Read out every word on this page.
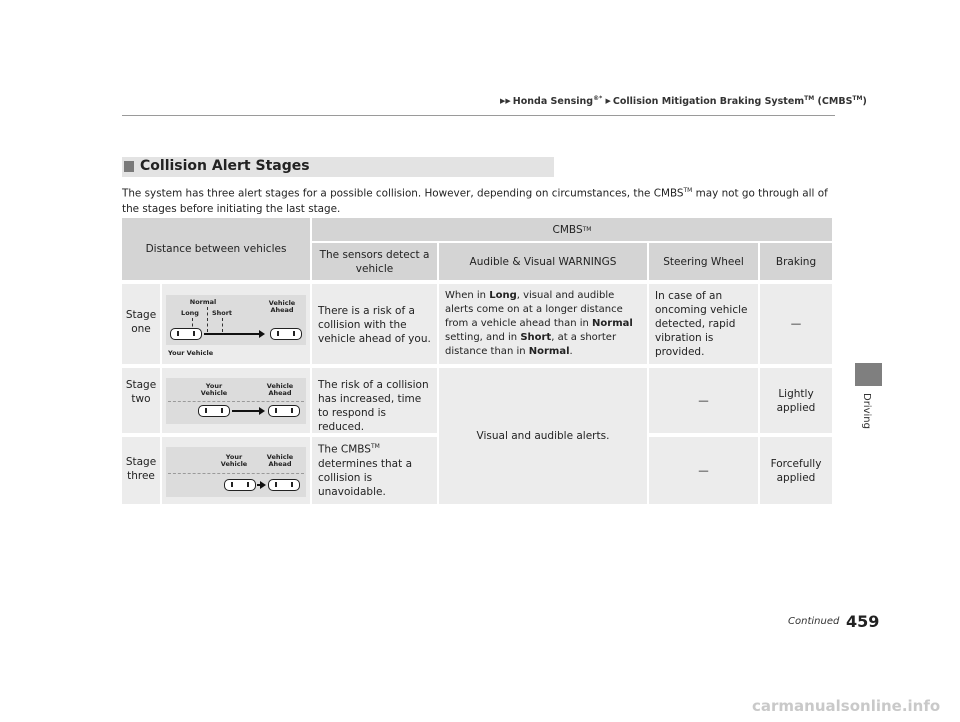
▶▶ Honda Sensing®* ▶ Collision Mitigation Braking System™ (CMBS™)
Driving
Collision Alert Stages
The system has three alert stages for a possible collision. However, depending on circumstances, the CMBS™ may not go through all of the stages before initiating the last stage.
Distance between vehicles
CMBS TM
The sensors detect a vehicle
Audible & Visual WARNINGS	Steering Wheel	Braking
Stage one
Normal
Long Short
Vehicle Ahead
Your Vehicle
There is a risk of a collision with the vehicle ahead of you.
When in Long, visual and audible alerts come on at a longer distance from a vehicle ahead than in Normal setting, and in Short, at a shorter distance than in Normal.
In case of an oncoming vehicle detected, rapid vibration is provided.
—
Stage two
Your Vehicle
Vehicle Ahead
The risk of a collision has increased, time to respond is reduced.
Visual and audible alerts.
—
Lightly applied
Stage three
Your Vehicle
Vehicle Ahead
The CMBS™ determines that a collision is unavoidable.
—
Forcefully applied
Continued 459
carmanualsonline.info
